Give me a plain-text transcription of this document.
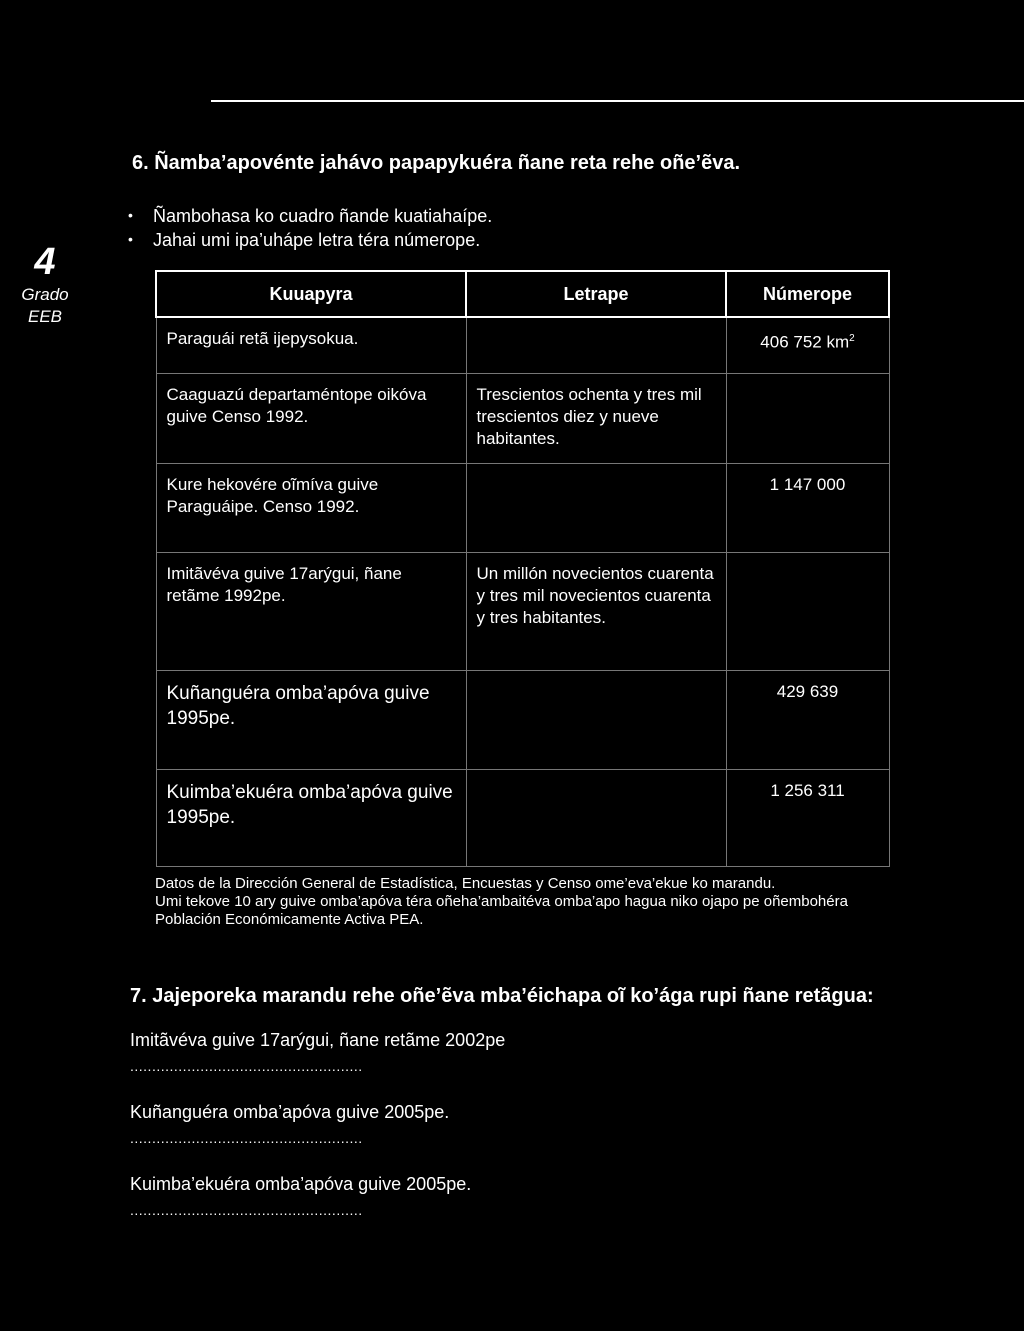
4
Grado
EEB
6. Ñamba’apovénte jahávo papapykuéra ñane reta rehe oñe’ẽva.
• Ñambohasa ko cuadro ñande kuatiahaípe.
• Jahai umi ipa’uhápe letra téra númerope.
Kuuapyra	Letrape	Númerope
Paraguái retã ijepysokua.		406 752 $km^2$
Caaguazú departaméntope oikóva guive Censo 1992.	Trescientos ochenta y tres mil trescientos diez y nueve habitantes.	
Kure hekovére oĩmíva guive Paraguáipe. Censo 1992.		1 147 000
Imitãvéva guive 17arýgui, ñane retãme 1992pe.	Un millón novecientos cuarenta y tres mil novecientos cuarenta y tres habitantes.	
Kuñanguéra omba’apóva guive 1995pe.		429 639
Kuimba’ekuéra omba’apóva guive 1995pe.		1 256 311

Datos de la Dirección General de Estadística, Encuestas y Censo ome’eva’ekue ko marandu.

Umi tekove 10 ary guive omba’apóva téra oñeha’ambaitéva omba’apo hagua niko ojapo pe oñembohéra Población Económicamente Activa PEA.

7. Jajeporeka marandu rehe oñe’ẽva mba’éichapa oĩ ko’ága rupi ñane retãgua:
Imitãvéva guive 17arýgui, ñane retãme 2002pe
.....................................................
Kuñanguéra omba’apóva guive 2005pe.
.....................................................
Kuimba’ekuéra omba’apóva guive 2005pe.
.....................................................
